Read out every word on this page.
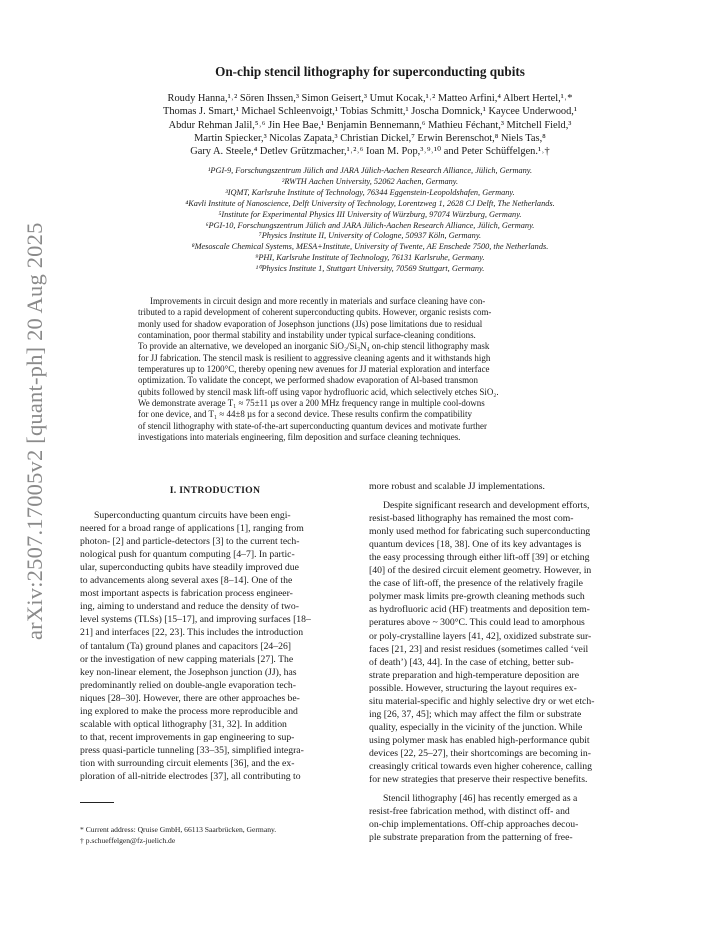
arXiv:2507.17005v2 [quant-ph] 20 Aug 2025
On-chip stencil lithography for superconducting qubits
Roudy Hanna,¹˒² Sören Ihssen,³ Simon Geisert,³ Umut Kocak,¹˒² Matteo Arfini,⁴ Albert Hertel,¹˒*
Thomas J. Smart,¹ Michael Schleenvoigt,¹ Tobias Schmitt,¹ Joscha Domnick,¹ Kaycee Underwood,¹
Abdur Rehman Jalil,⁵˒⁶ Jin Hee Bae,¹ Benjamin Bennemann,⁶ Mathieu Féchant,³ Mitchell Field,³
Martin Spiecker,³ Nicolas Zapata,³ Christian Dickel,⁷ Erwin Berenschot,⁸ Niels Tas,⁸
Gary A. Steele,⁴ Detlev Grützmacher,¹˒²˒⁶ Ioan M. Pop,³˒⁹˒¹⁰ and Peter Schüffelgen.¹˒†
¹PGI-9, Forschungszentrum Jülich and JARA Jülich-Aachen Research Alliance, Jülich, Germany.
²RWTH Aachen University, 52062 Aachen, Germany.
³IQMT, Karlsruhe Institute of Technology, 76344 Eggenstein-Leopoldshafen, Germany.
⁴Kavli Institute of Nanoscience, Delft University of Technology, Lorentzweg 1, 2628 CJ Delft, The Netherlands.
⁵Institute for Experimental Physics III University of Würzburg, 97074 Würzburg, Germany.
⁶PGI-10, Forschungszentrum Jülich and JARA Jülich-Aachen Research Alliance, Jülich, Germany.
⁷Physics Institute II, University of Cologne, 50937 Köln, Germany.
⁸Mesoscale Chemical Systems, MESA+Institute, University of Twente, AE Enschede 7500, the Netherlands.
⁹PHI, Karlsruhe Institute of Technology, 76131 Karlsruhe, Germany.
¹⁰Physics Institute 1, Stuttgart University, 70569 Stuttgart, Germany.
Improvements in circuit design and more recently in materials and surface cleaning have con-
tributed to a rapid development of coherent superconducting qubits. However, organic resists com-
monly used for shadow evaporation of Josephson junctions (JJs) pose limitations due to residual
contamination, poor thermal stability and instability under typical surface-cleaning conditions.
To provide an alternative, we developed an inorganic SiO₂/Si₃N₄ on-chip stencil lithography mask
for JJ fabrication. The stencil mask is resilient to aggressive cleaning agents and it withstands high
temperatures up to 1200°C, thereby opening new avenues for JJ material exploration and interface
optimization. To validate the concept, we performed shadow evaporation of Al-based transmon
qubits followed by stencil mask lift-off using vapor hydrofluoric acid, which selectively etches SiO₂.
We demonstrate average T₁ ≈ 75±11 µs over a 200 MHz frequency range in multiple cool-downs
for one device, and T₁ ≈ 44±8 µs for a second device. These results confirm the compatibility
of stencil lithography with state-of-the-art superconducting quantum devices and motivate further
investigations into materials engineering, film deposition and surface cleaning techniques.
I. INTRODUCTION
Superconducting quantum circuits have been engi-
neered for a broad range of applications [1], ranging from
photon- [2] and particle-detectors [3] to the current tech-
nological push for quantum computing [4–7]. In partic-
ular, superconducting qubits have steadily improved due
to advancements along several axes [8–14]. One of the
most important aspects is fabrication process engineer-
ing, aiming to understand and reduce the density of two-
level systems (TLSs) [15–17], and improving surfaces [18–
21] and interfaces [22, 23]. This includes the introduction
of tantalum (Ta) ground planes and capacitors [24–26]
or the investigation of new capping materials [27]. The
key non-linear element, the Josephson junction (JJ), has
predominantly relied on double-angle evaporation tech-
niques [28–30]. However, there are other approaches be-
ing explored to make the process more reproducible and
scalable with optical lithography [31, 32]. In addition
to that, recent improvements in gap engineering to sup-
press quasi-particle tunneling [33–35], simplified integra-
tion with surrounding circuit elements [36], and the ex-
ploration of all-nitride electrodes [37], all contributing to
more robust and scalable JJ implementations.
Despite significant research and development efforts,
resist-based lithography has remained the most com-
monly used method for fabricating such superconducting
quantum devices [18, 38]. One of its key advantages is
the easy processing through either lift-off [39] or etching
[40] of the desired circuit element geometry. However, in
the case of lift-off, the presence of the relatively fragile
polymer mask limits pre-growth cleaning methods such
as hydrofluoric acid (HF) treatments and deposition tem-
peratures above ~ 300°C. This could lead to amorphous
or poly-crystalline layers [41, 42], oxidized substrate sur-
faces [21, 23] and resist residues (sometimes called ‘veil
of death’) [43, 44]. In the case of etching, better sub-
strate preparation and high-temperature deposition are
possible. However, structuring the layout requires ex-
situ material-specific and highly selective dry or wet etch-
ing [26, 37, 45]; which may affect the film or substrate
quality, especially in the vicinity of the junction. While
using polymer mask has enabled high-performance qubit
devices [22, 25–27], their shortcomings are becoming in-
creasingly critical towards even higher coherence, calling
for new strategies that preserve their respective benefits.
Stencil lithography [46] has recently emerged as a
resist-free fabrication method, with distinct off- and
on-chip implementations. Off-chip approaches decou-
ple substrate preparation from the patterning of free-
* Current address: Qruise GmbH, 66113 Saarbrücken, Germany.
† p.schueffelgen@fz-juelich.de
